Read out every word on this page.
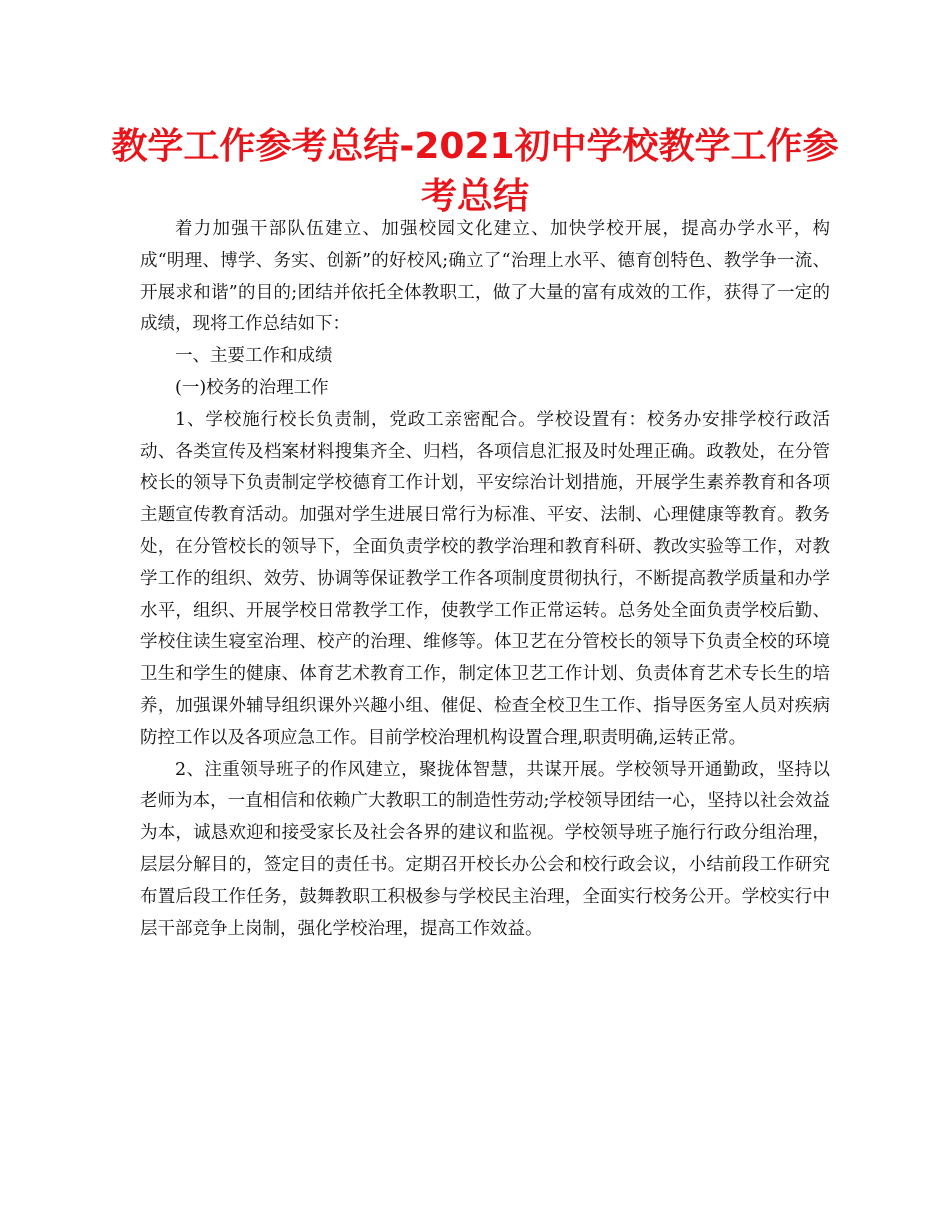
教学工作参考总结-2021初中学校教学工作参考总结

着力加强干部队伍建立、加强校园文化建立、加快学校开展，提高办学水平，构成“明理、博学、务实、创新”的好校风;确立了“治理上水平、德育创特色、教学争一流、开展求和谐”的目的;团结并依托全体教职工，做了大量的富有成效的工作，获得了一定的成绩，现将工作总结如下：

一、主要工作和成绩

(一)校务的治理工作

1、学校施行校长负责制，党政工亲密配合。学校设置有：校务办安排学校行政活动、各类宣传及档案材料搜集齐全、归档，各项信息汇报及时处理正确。政教处，在分管校长的领导下负责制定学校德育工作计划，平安综治计划措施，开展学生素养教育和各项主题宣传教育活动。加强对学生进展日常行为标准、平安、法制、心理健康等教育。教务处，在分管校长的领导下，全面负责学校的教学治理和教育科研、教改实验等工作，对教学工作的组织、效劳、协调等保证教学工作各项制度贯彻执行，不断提高教学质量和办学水平，组织、开展学校日常教学工作，使教学工作正常运转。总务处全面负责学校后勤、学校住读生寝室治理、校产的治理、维修等。体卫艺在分管校长的领导下负责全校的环境卫生和学生的健康、体育艺术教育工作，制定体卫艺工作计划、负责体育艺术专长生的培养，加强课外辅导组织课外兴趣小组、催促、检查全校卫生工作、指导医务室人员对疾病防控工作以及各项应急工作。目前学校治理机构设置合理,职责明确,运转正常。

2、注重领导班子的作风建立，聚拢体智慧，共谋开展。学校领导开通勤政，坚持以老师为本，一直相信和依赖广大教职工的制造性劳动;学校领导团结一心，坚持以社会效益为本，诚恳欢迎和接受家长及社会各界的建议和监视。学校领导班子施行行政分组治理，层层分解目的，签定目的责任书。定期召开校长办公会和校行政会议，小结前段工作研究布置后段工作任务，鼓舞教职工积极参与学校民主治理，全面实行校务公开。学校实行中层干部竞争上岗制，强化学校治理，提高工作效益。
